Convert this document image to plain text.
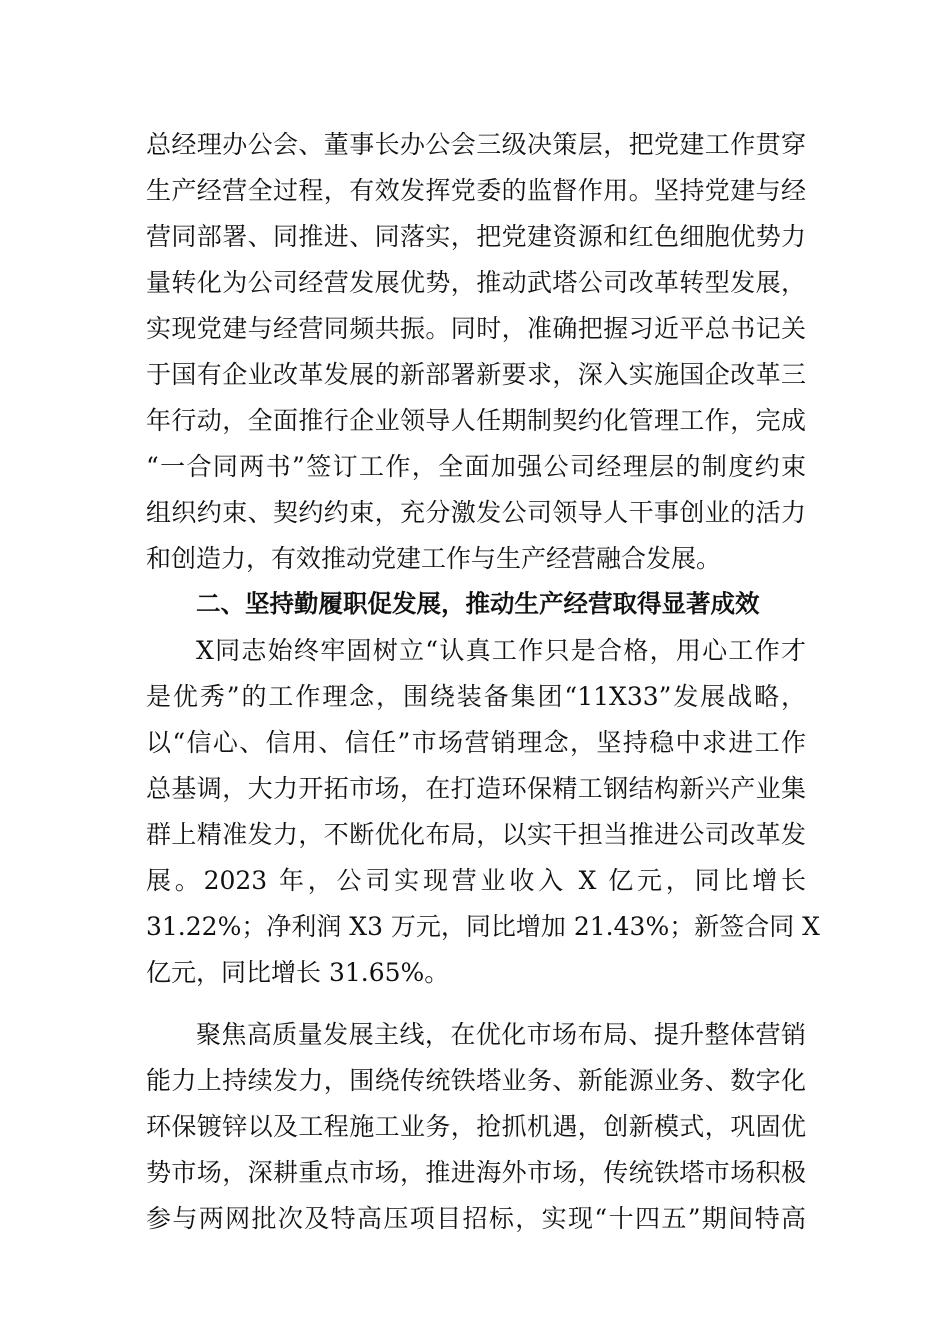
总经理办公会、董事长办公会三级决策层，把党建工作贯穿
生产经营全过程，有效发挥党委的监督作用。坚持党建与经
营同部署、同推进、同落实，把党建资源和红色细胞优势力
量转化为公司经营发展优势，推动武塔公司改革转型发展，
实现党建与经营同频共振。同时，准确把握习近平总书记关
于国有企业改革发展的新部署新要求，深入实施国企改革三
年行动，全面推行企业领导人任期制契约化管理工作，完成
“一合同两书”签订工作，全面加强公司经理层的制度约束
组织约束、契约约束，充分激发公司领导人干事创业的活力
和创造力，有效推动党建工作与生产经营融合发展。
二、坚持勤履职促发展，推动生产经营取得显著成效
X同志始终牢固树立“认真工作只是合格，用心工作才
是优秀”的工作理念，围绕装备集团“11X33”发展战略，
以“信心、信用、信任”市场营销理念，坚持稳中求进工作
总基调，大力开拓市场，在打造环保精工钢结构新兴产业集
群上精准发力，不断优化布局，以实干担当推进公司改革发
展。2023 年，公司实现营业收入 X 亿元，同比增长
31.22%；净利润 X3 万元，同比增加 21.43%；新签合同 X
亿元，同比增长 31.65%。
聚焦高质量发展主线，在优化市场布局、提升整体营销
能力上持续发力，围绕传统铁塔业务、新能源业务、数字化
环保镀锌以及工程施工业务，抢抓机遇，创新模式，巩固优
势市场，深耕重点市场，推进海外市场，传统铁塔市场积极
参与两网批次及特高压项目招标，实现“十四五”期间特高
